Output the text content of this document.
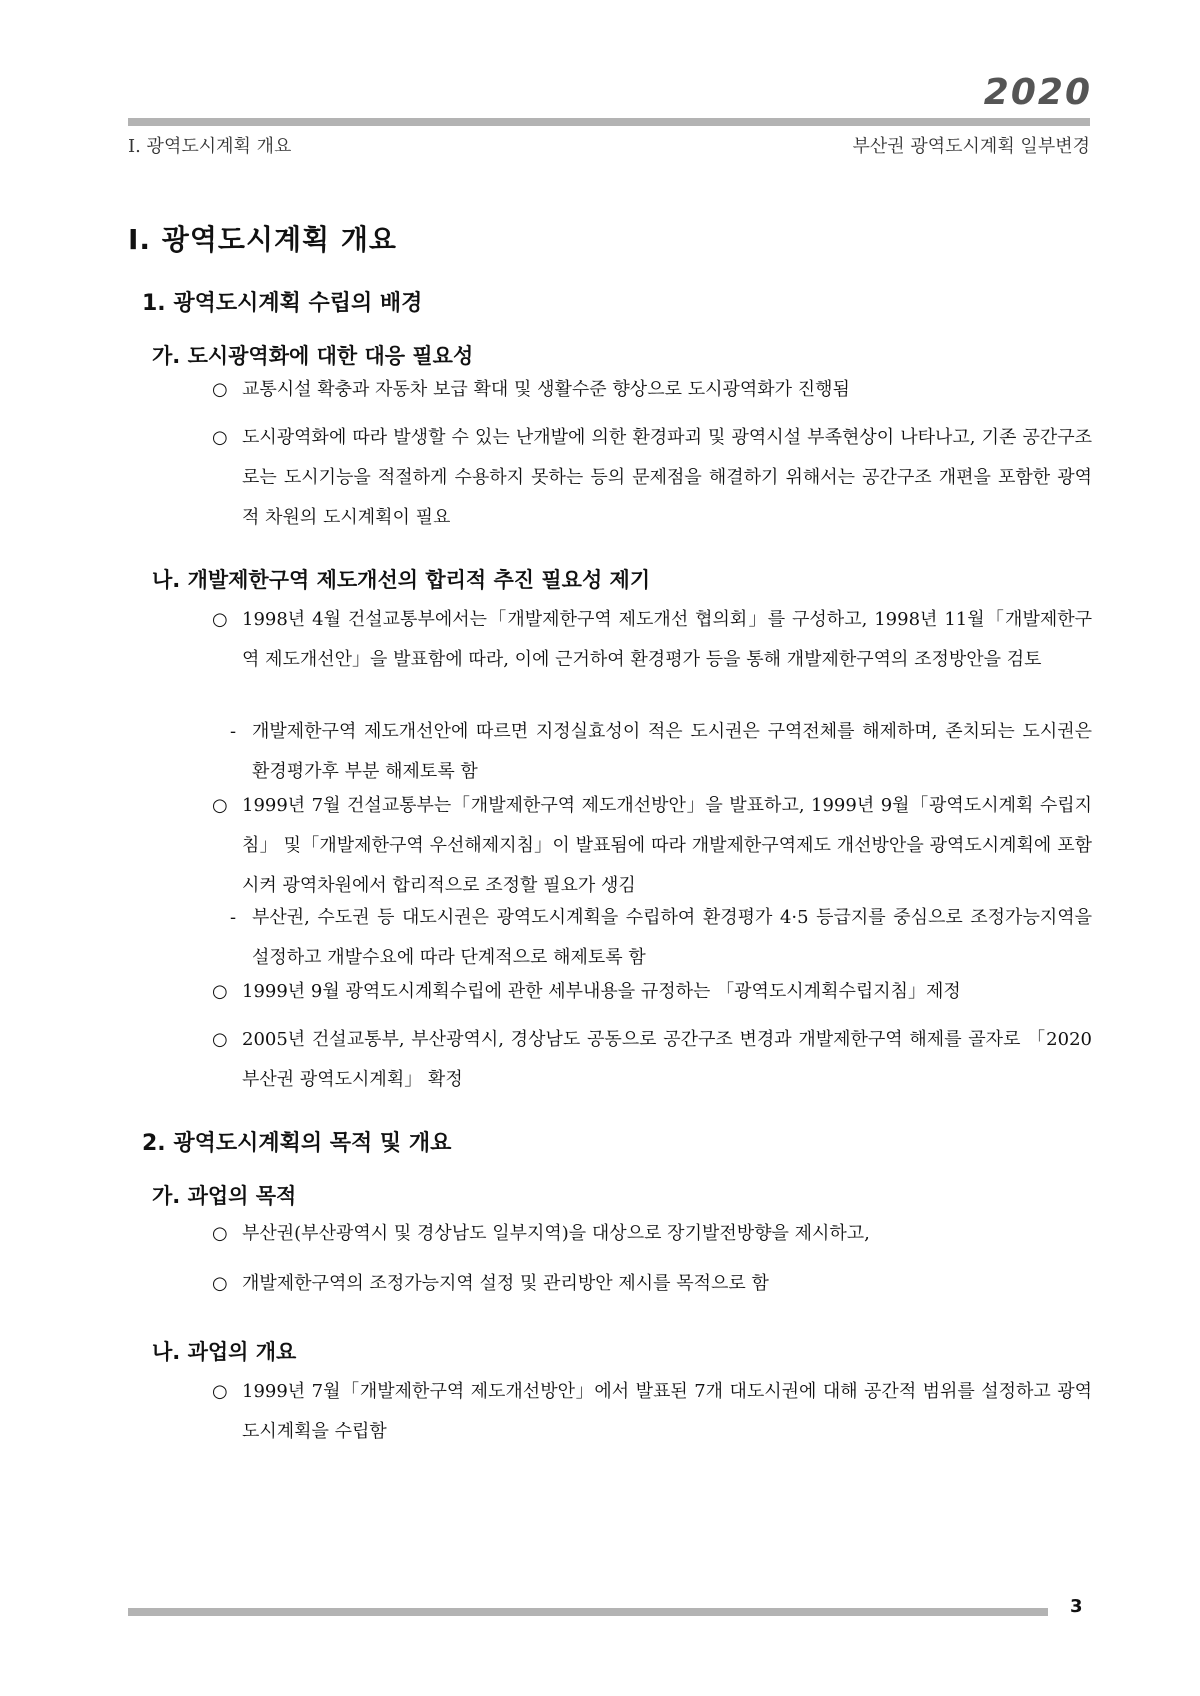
2020
Ⅰ. 광역도시계획 개요	부산권 광역도시계획 일부변경
Ⅰ. 광역도시계획 개요
1. 광역도시계획 수립의 배경
가. 도시광역화에 대한 대응 필요성
○ 교통시설 확충과 자동차 보급 확대 및 생활수준 향상으로 도시광역화가 진행됨
○ 도시광역화에 따라 발생할 수 있는 난개발에 의한 환경파괴 및 광역시설 부족현상이 나타나고, 기존 공간구조로는 도시기능을 적절하게 수용하지 못하는 등의 문제점을 해결하기 위해서는 공간구조 개편을 포함한 광역적 차원의 도시계획이 필요
나. 개발제한구역 제도개선의 합리적 추진 필요성 제기
○ 1998년 4월 건설교통부에서는「개발제한구역 제도개선 협의회」를 구성하고, 1998년 11월「개발제한구역 제도개선안」을 발표함에 따라, 이에 근거하여 환경평가 등을 통해 개발제한구역의 조정방안을 검토
- 개발제한구역 제도개선안에 따르면 지정실효성이 적은 도시권은 구역전체를 해제하며, 존치되는 도시권은 환경평가후 부분 해제토록 함
○ 1999년 7월 건설교통부는「개발제한구역 제도개선방안」을 발표하고, 1999년 9월「광역도시계획 수립지침」 및「개발제한구역 우선해제지침」이 발표됨에 따라 개발제한구역제도 개선방안을 광역도시계획에 포함시켜 광역차원에서 합리적으로 조정할 필요가 생김
- 부산권, 수도권 등 대도시권은 광역도시계획을 수립하여 환경평가 4·5 등급지를 중심으로 조정가능지역을 설정하고 개발수요에 따라 단계적으로 해제토록 함
○ 1999년 9월 광역도시계획수립에 관한 세부내용을 규정하는 「광역도시계획수립지침」제정
○ 2005년 건설교통부, 부산광역시, 경상남도 공동으로 공간구조 변경과 개발제한구역 해제를 골자로 「2020 부산권 광역도시계획」 확정
2. 광역도시계획의 목적 및 개요
가. 과업의 목적
○ 부산권(부산광역시 및 경상남도 일부지역)을 대상으로 장기발전방향을 제시하고,
○ 개발제한구역의 조정가능지역 설정 및 관리방안 제시를 목적으로 함
나. 과업의 개요
○ 1999년 7월「개발제한구역 제도개선방안」에서 발표된 7개 대도시권에 대해 공간적 범위를 설정하고 광역도시계획을 수립함
3
